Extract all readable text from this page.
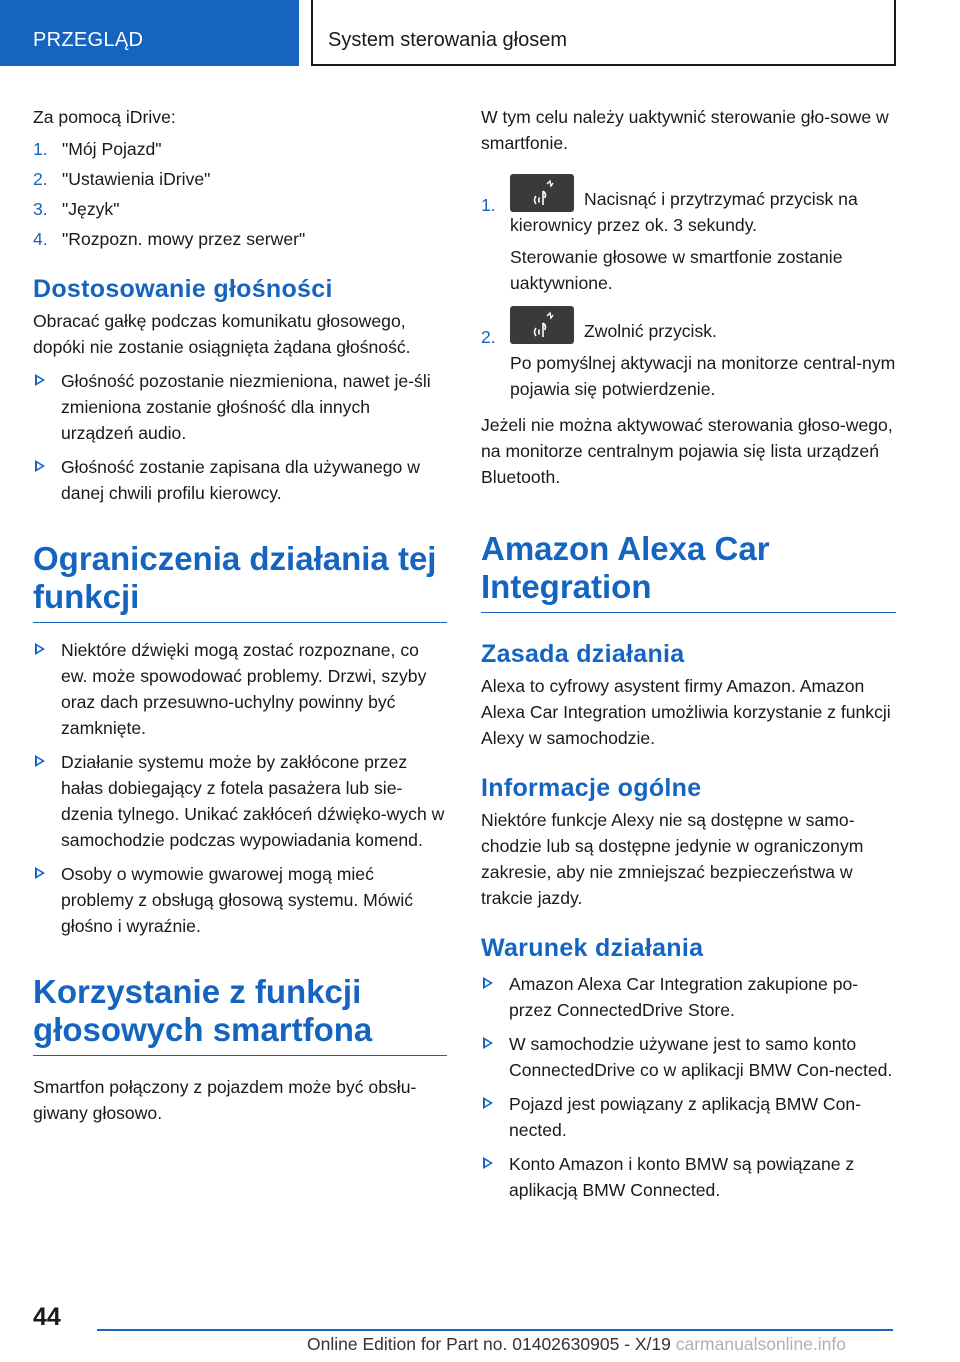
PRZEGLĄD	System sterowania głosem

Za pomocą iDrive:

1. "Mój Pojazd"
2. "Ustawienia iDrive"
3. "Język"
4. "Rozpozn. mowy przez serwer"
Dostosowanie głośności

Obracać gałkę podczas komunikatu głosowego, dopóki nie zostanie osiągnięta żądana głośność.

Głośność pozostanie niezmieniona, nawet je-śli zmieniona zostanie głośność dla innych urządzeń audio.
Głośność zostanie zapisana dla używanego w danej chwili profilu kierowcy.
Ograniczenia działania tej funkcji
Niektóre dźwięki mogą zostać rozpoznane, co ew. może spowodować problemy. Drzwi, szyby oraz dach przesuwno-uchylny powinny być zamknięte.
Działanie systemu może by zakłócone przez hałas dobiegający z fotela pasażera lub sie-dzenia tylnego. Unikać zakłóceń dźwięko-wych w samochodzie podczas wypowiadania komend.
Osoby o wymowie gwarowej mogą mieć problemy z obsługą głosową systemu. Mówić głośno i wyraźnie.
Korzystanie z funkcji głosowych smartfona

Smartfon połączony z pojazdem może być obsłu-giwany głosowo.

W tym celu należy uaktywnić sterowanie gło-sowe w smartfonie.

1.	Nacisnąć i przytrzymać przycisk na kierownicy przez ok. 3 sekundy.

Sterowanie głosowe w smartfonie zostanie uaktywnione.

2.	Zwolnić przycisk.

Po pomyślnej aktywacji na monitorze central-nym pojawia się potwierdzenie.

Jeżeli nie można aktywować sterowania głoso-wego, na monitorze centralnym pojawia się lista urządzeń Bluetooth.

Amazon Alexa Car Integration
Zasada działania

Alexa to cyfrowy asystent firmy Amazon. Amazon Alexa Car Integration umożliwia korzystanie z funkcji Alexy w samochodzie.

Informacje ogólne

Niektóre funkcje Alexy nie są dostępne w samo-chodzie lub są dostępne jedynie w ograniczonym zakresie, aby nie zmniejszać bezpieczeństwa w trakcie jazdy.

Warunek działania
Amazon Alexa Car Integration zakupione po-przez ConnectedDrive Store.
W samochodzie używane jest to samo konto ConnectedDrive co w aplikacji BMW Con-nected.
Pojazd jest powiązany z aplikacją BMW Con-nected.
Konto Amazon i konto BMW są powiązane z aplikacją BMW Connected.
44
Online Edition for Part no. 01402630905 - X/19 carmanualsonline.info
